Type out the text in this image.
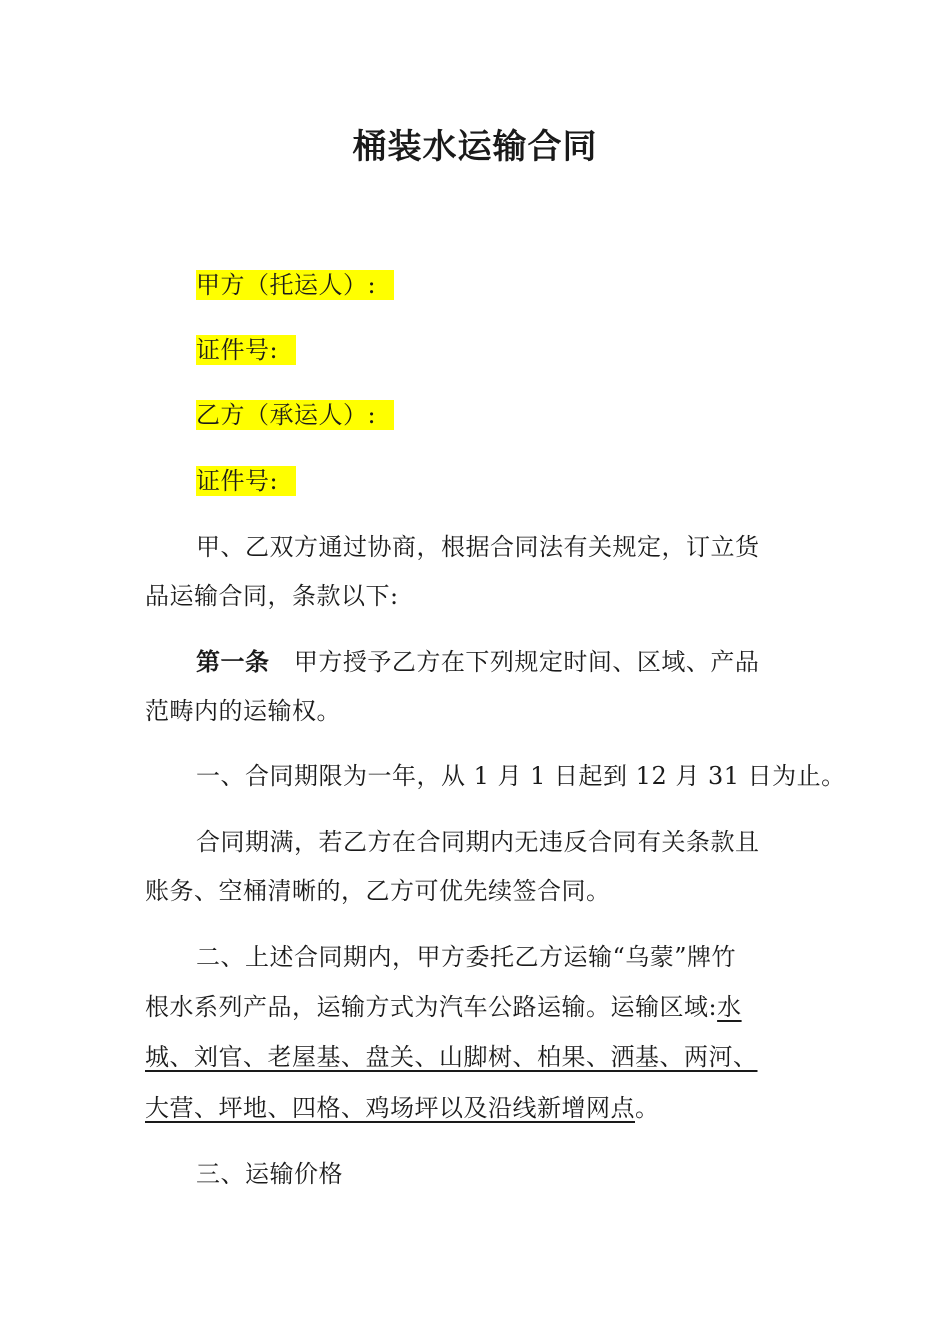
桶装水运输合同
甲方（托运人）:
证件号:
乙方（承运人）:
证件号:
甲、乙双方通过协商，根据合同法有关规定，订立货
品运输合同，条款以下:
第一条 甲方授予乙方在下列规定时间、区域、产品
范畴内的运输权。
一、合同期限为一年，从 1 月 1 日起到 12 月 31 日为止。
合同期满，若乙方在合同期内无违反合同有关条款且
账务、空桶清晰的，乙方可优先续签合同。
二、上述合同期内，甲方委托乙方运输“乌蒙”牌竹
根水系列产品，运输方式为汽车公路运输。运输区域:水
城、刘官、老屋基、盘关、山脚树、柏果、洒基、两河、
大营、坪地、四格、鸡场坪以及沿线新增网点。
三、运输价格
